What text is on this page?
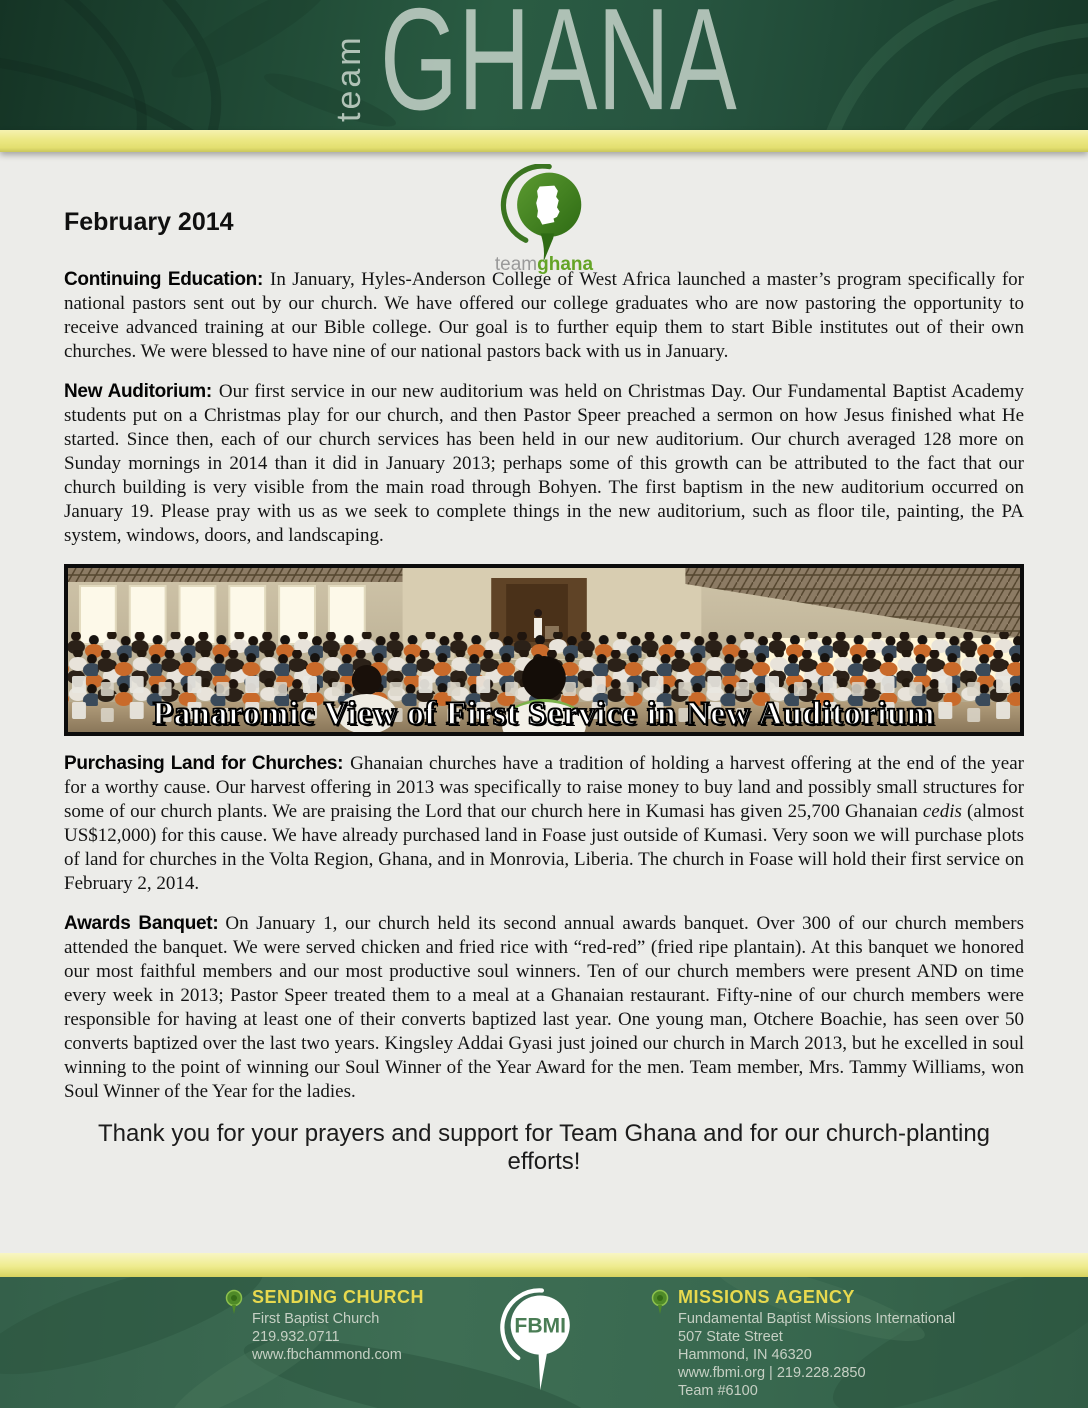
team GHANA
teamghana
February 2014

Continuing Education: In January, Hyles-Anderson College of West Africa launched a master’s program specifically for national pastors sent out by our church. We have offered our college graduates who are now pastoring the opportunity to receive advanced training at our Bible college. Our goal is to further equip them to start Bible institutes out of their own churches. We were blessed to have nine of our national pastors back with us in January.

New Auditorium: Our first service in our new auditorium was held on Christmas Day. Our Fundamental Baptist Academy students put on a Christmas play for our church, and then Pastor Speer preached a sermon on how Jesus finished what He started. Since then, each of our church services has been held in our new auditorium. Our church averaged 128 more on Sunday mornings in 2014 than it did in January 2013; perhaps some of this growth can be attributed to the fact that our church building is very visible from the main road through Bohyen. The first baptism in the new auditorium occurred on January 19. Please pray with us as we seek to complete things in the new auditorium, such as floor tile, painting, the PA system, windows, doors, and landscaping.

Panaromic View of First Service in New Auditorium

Purchasing Land for Churches: Ghanaian churches have a tradition of holding a harvest offering at the end of the year for a worthy cause. Our harvest offering in 2013 was specifically to raise money to buy land and possibly small structures for some of our church plants. We are praising the Lord that our church here in Kumasi has given 25,700 Ghanaian cedis (almost US$12,000) for this cause. We have already purchased land in Foase just outside of Kumasi. Very soon we will purchase plots of land for churches in the Volta Region, Ghana, and in Monrovia, Liberia. The church in Foase will hold their first service on February 2, 2014.

Awards Banquet: On January 1, our church held its second annual awards banquet. Over 300 of our church members attended the banquet. We were served chicken and fried rice with “red-red” (fried ripe plantain). At this banquet we honored our most faithful members and our most productive soul winners. Ten of our church members were present AND on time every week in 2013; Pastor Speer treated them to a meal at a Ghanaian restaurant. Fifty-nine of our church members were responsible for having at least one of their converts baptized last year. One young man, Otchere Boachie, has seen over 50 converts baptized over the last two years. Kingsley Addai Gyasi just joined our church in March 2013, but he excelled in soul winning to the point of winning our Soul Winner of the Year Award for the men. Team member, Mrs. Tammy Williams, won Soul Winner of the Year for the ladies.

Thank you for your prayers and support for Team Ghana and for our church-planting efforts!

SENDING CHURCH
First Baptist Church
219.932.0711
www.fbchammond.com
FBMI
MISSIONS AGENCY
Fundamental Baptist Missions International
507 State Street
Hammond, IN 46320
www.fbmi.org | 219.228.2850
Team #6100
